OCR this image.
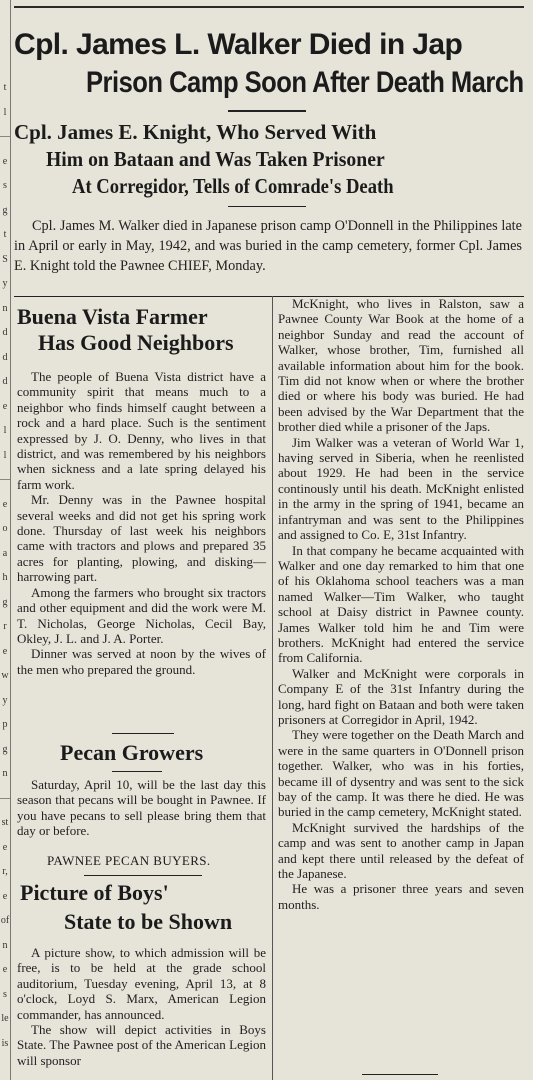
t
l
—
e
s
g
t
S
y
n
d
d
d
e
l
l
—
e
o
a
h
g
r
e
w
y
p
g
n
—
st
e
r,
e
of
n
e
s
le
is
Cpl. James L. Walker Died in Jap
Prison Camp Soon After Death March
Cpl. James E. Knight, Who Served With
Him on Bataan and Was Taken Prisoner
At Corregidor, Tells of Comrade's Death
Cpl. James M. Walker died in Japanese prison camp O'Donnell in the Philippines late in April or early in May, 1942, and was buried in the camp cemetery, former Cpl. James E. Knight told the Pawnee CHIEF, Monday.
Buena Vista Farmer
Has Good Neighbors

The people of Buena Vista district have a community spirit that means much to a neighbor who finds himself caught between a rock and a hard place. Such is the sentiment expressed by J. O. Denny, who lives in that district, and was remembered by his neighbors when sickness and a late spring delayed his farm work.

Mr. Denny was in the Pawnee hospital several weeks and did not get his spring work done. Thursday of last week his neighbors came with tractors and plows and prepared 35 acres for planting, plowing, and disking—harrowing part.

Among the farmers who brought six tractors and other equipment and did the work were M. T. Nicholas, George Nicholas, Cecil Bay, Okley, J. L. and J. A. Porter.

Dinner was served at noon by the wives of the men who prepared the ground.

Pecan Growers

Saturday, April 10, will be the last day this season that pecans will be bought in Pawnee. If you have pecans to sell please bring them that day or before.

PAWNEE PECAN BUYERS.
Picture of Boys'
State to be Shown

A picture show, to which admission will be free, is to be held at the grade school auditorium, Tuesday evening, April 13, at 8 o'clock, Loyd S. Marx, American Legion commander, has announced.

The show will depict activities in Boys State. The Pawnee post of the American Legion will sponsor

McKnight, who lives in Ralston, saw a Pawnee County War Book at the home of a neighbor Sunday and read the account of Walker, whose brother, Tim, furnished all available information about him for the book. Tim did not know when or where the brother died or where his body was buried. He had been advised by the War Department that the brother died while a prisoner of the Japs.

Jim Walker was a veteran of World War 1, having served in Siberia, when he reenlisted about 1929. He had been in the service continously until his death. McKnight enlisted in the army in the spring of 1941, became an infantryman and was sent to the Philippines and assigned to Co. E, 31st Infantry.

In that company he became acquainted with Walker and one day remarked to him that one of his Oklahoma school teachers was a man named Walker—Tim Walker, who taught school at Daisy district in Pawnee county. James Walker told him he and Tim were brothers. McKnight had entered the service from California.

Walker and McKnight were corporals in Company E of the 31st Infantry during the long, hard fight on Bataan and both were taken prisoners at Corregidor in April, 1942.

They were together on the Death March and were in the same quarters in O'Donnell prison together. Walker, who was in his forties, became ill of dysentry and was sent to the sick bay of the camp. It was there he died. He was buried in the camp cemetery, McKnight stated.

McKnight survived the hardships of the camp and was sent to another camp in Japan and kept there until released by the defeat of the Japanese.

He was a prisoner three years and seven months.
